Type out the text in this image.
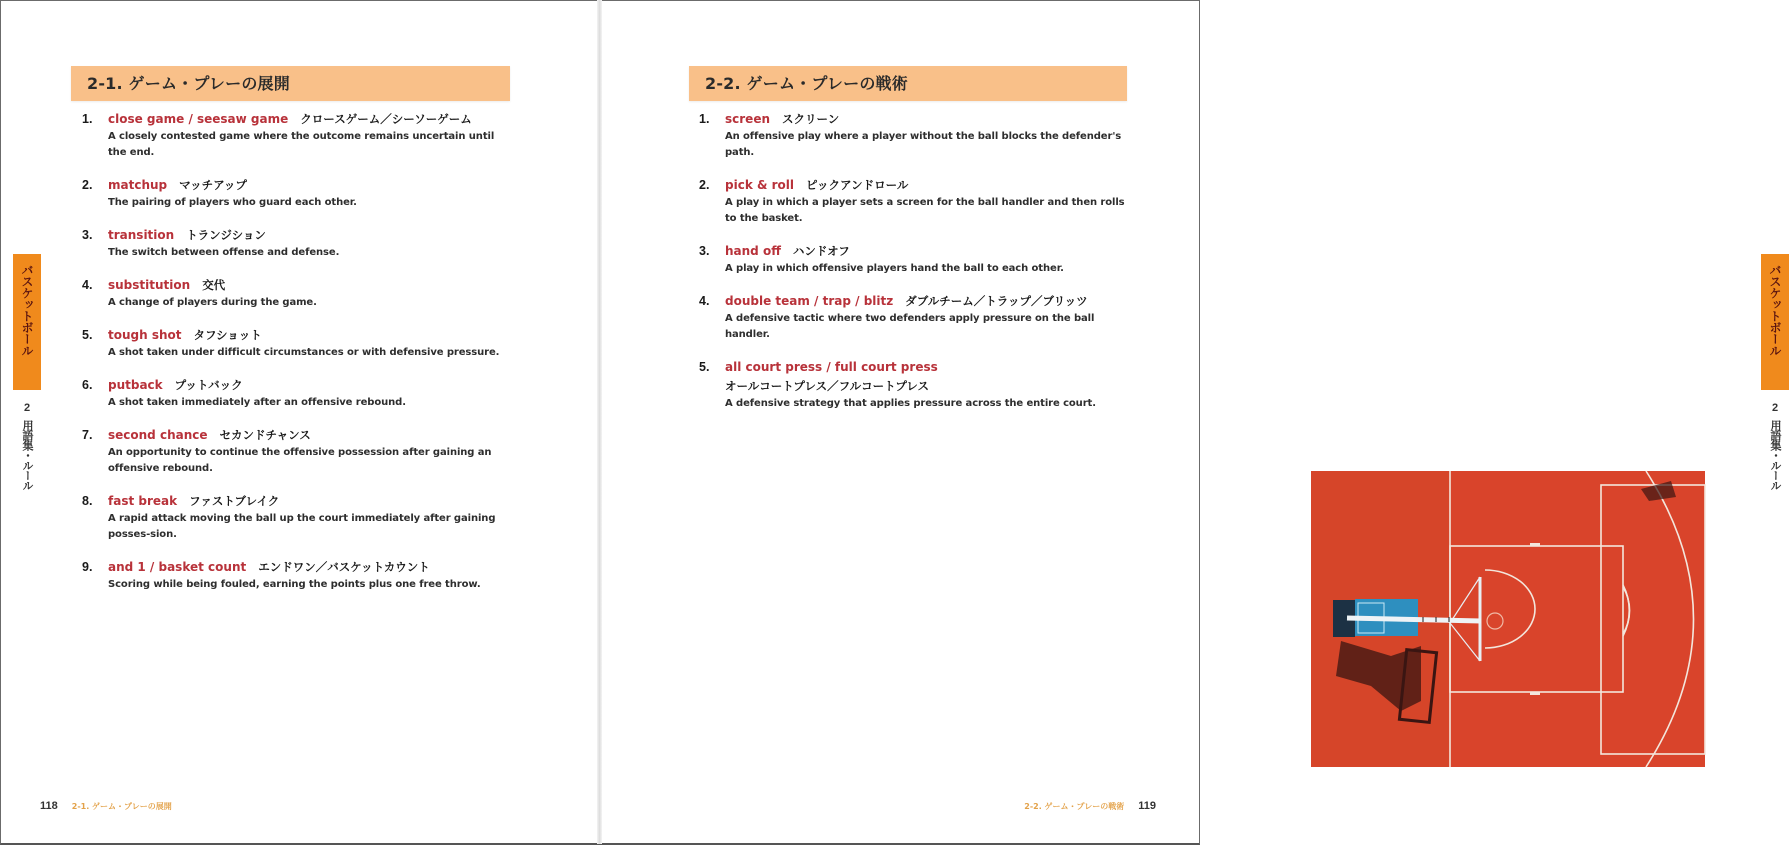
2-1. ゲーム・プレーの展開
1. close game / seesaw game クロースゲーム／シーソーゲーム
A closely contested game where the outcome remains uncertain until the end.
2. matchup マッチアップ
The pairing of players who guard each other.
3. transition トランジション
The switch between offense and defense.
4. substitution 交代
A change of players during the game.
5. tough shot タフショット
A shot taken under difficult circumstances or with defensive pressure.
6. putback プットバック
A shot taken immediately after an offensive rebound.
7. second chance セカンドチャンス
An opportunity to continue the offensive possession after gaining an offensive rebound.
8. fast break ファストブレイク
A rapid attack moving the ball up the court immediately after gaining posses-sion.
9. and 1 / basket count エンドワン／バスケットカウント
Scoring while being fouled, earning the points plus one free throw.
バスケットボール
2
用語集・ルール
118 2-1. ゲーム・プレーの展開
2-2. ゲーム・プレーの戦術
1. screen スクリーン
An offensive play where a player without the ball blocks the defender's path.
2. pick & roll ピックアンドロール
A play in which a player sets a screen for the ball handler and then rolls to the basket.
3. hand off ハンドオフ
A play in which offensive players hand the ball to each other.
4. double team / trap / blitz ダブルチーム／トラップ／ブリッツ
A defensive tactic where two defenders apply pressure on the ball handler.
5. all court press / full court press
オールコートプレス／フルコートプレス
A defensive strategy that applies pressure across the entire court.
バスケットボール
2
用語集・ルール
2-2. ゲーム・プレーの戦術 119
